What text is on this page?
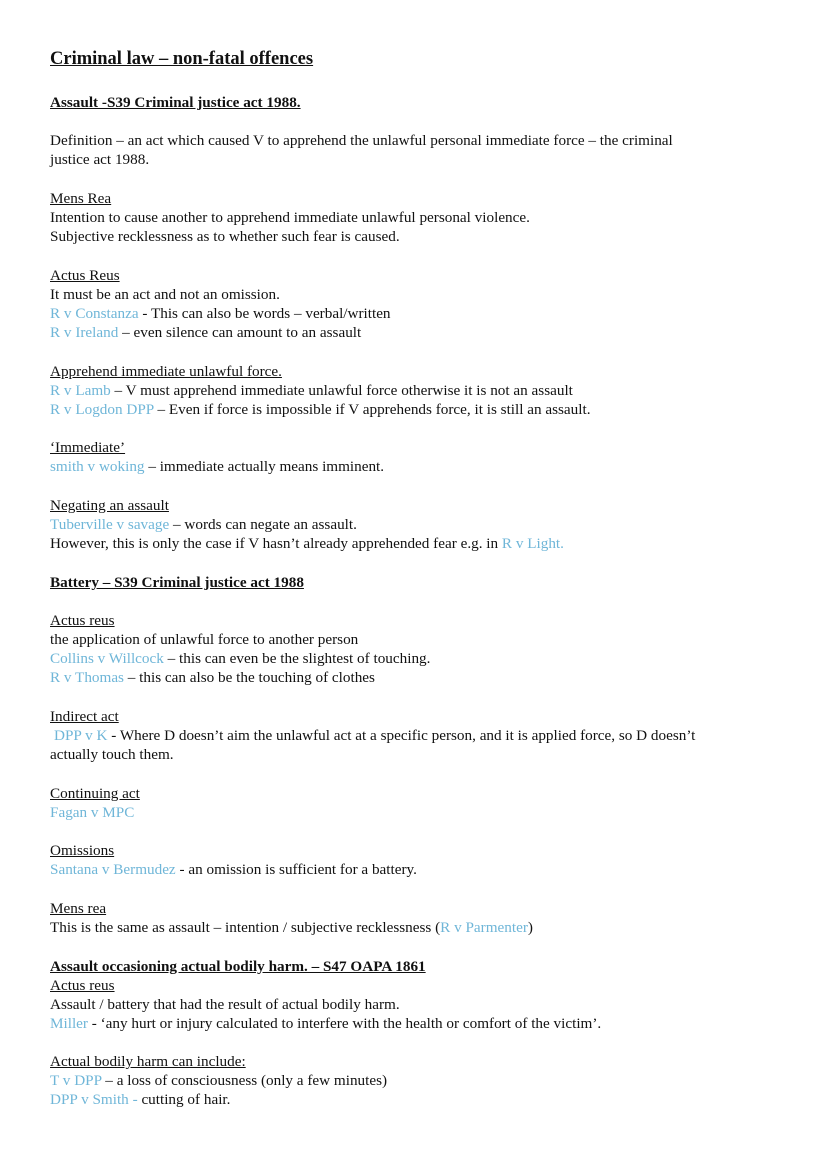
Criminal law – non-fatal offences
Assault -S39 Criminal justice act 1988.
Definition – an act which caused V to apprehend the unlawful personal immediate force – the criminal
justice act 1988.
Mens Rea
Intention to cause another to apprehend immediate unlawful personal violence.
Subjective recklessness as to whether such fear is caused.
Actus Reus
It must be an act and not an omission.
R v Constanza - This can also be words – verbal/written
R v Ireland – even silence can amount to an assault
Apprehend immediate unlawful force.
R v Lamb – V must apprehend immediate unlawful force otherwise it is not an assault
R v Logdon DPP – Even if force is impossible if V apprehends force, it is still an assault.
‘Immediate’
smith v woking – immediate actually means imminent.
Negating an assault
Tuberville v savage – words can negate an assault.
However, this is only the case if V hasn’t already apprehended fear e.g. in R v Light.
Battery – S39 Criminal justice act 1988
Actus reus
the application of unlawful force to another person
Collins v Willcock – this can even be the slightest of touching.
R v Thomas – this can also be the touching of clothes
Indirect act
DPP v K - Where D doesn’t aim the unlawful act at a specific person, and it is applied force, so D doesn’t
actually touch them.
Continuing act
Fagan v MPC
Omissions
Santana v Bermudez - an omission is sufficient for a battery.
Mens rea
This is the same as assault – intention / subjective recklessness (R v Parmenter)
Assault occasioning actual bodily harm. – S47 OAPA 1861
Actus reus
Assault / battery that had the result of actual bodily harm.
Miller - ‘any hurt or injury calculated to interfere with the health or comfort of the victim’.
Actual bodily harm can include:
T v DPP – a loss of consciousness (only a few minutes)
DPP v Smith - cutting of hair.
